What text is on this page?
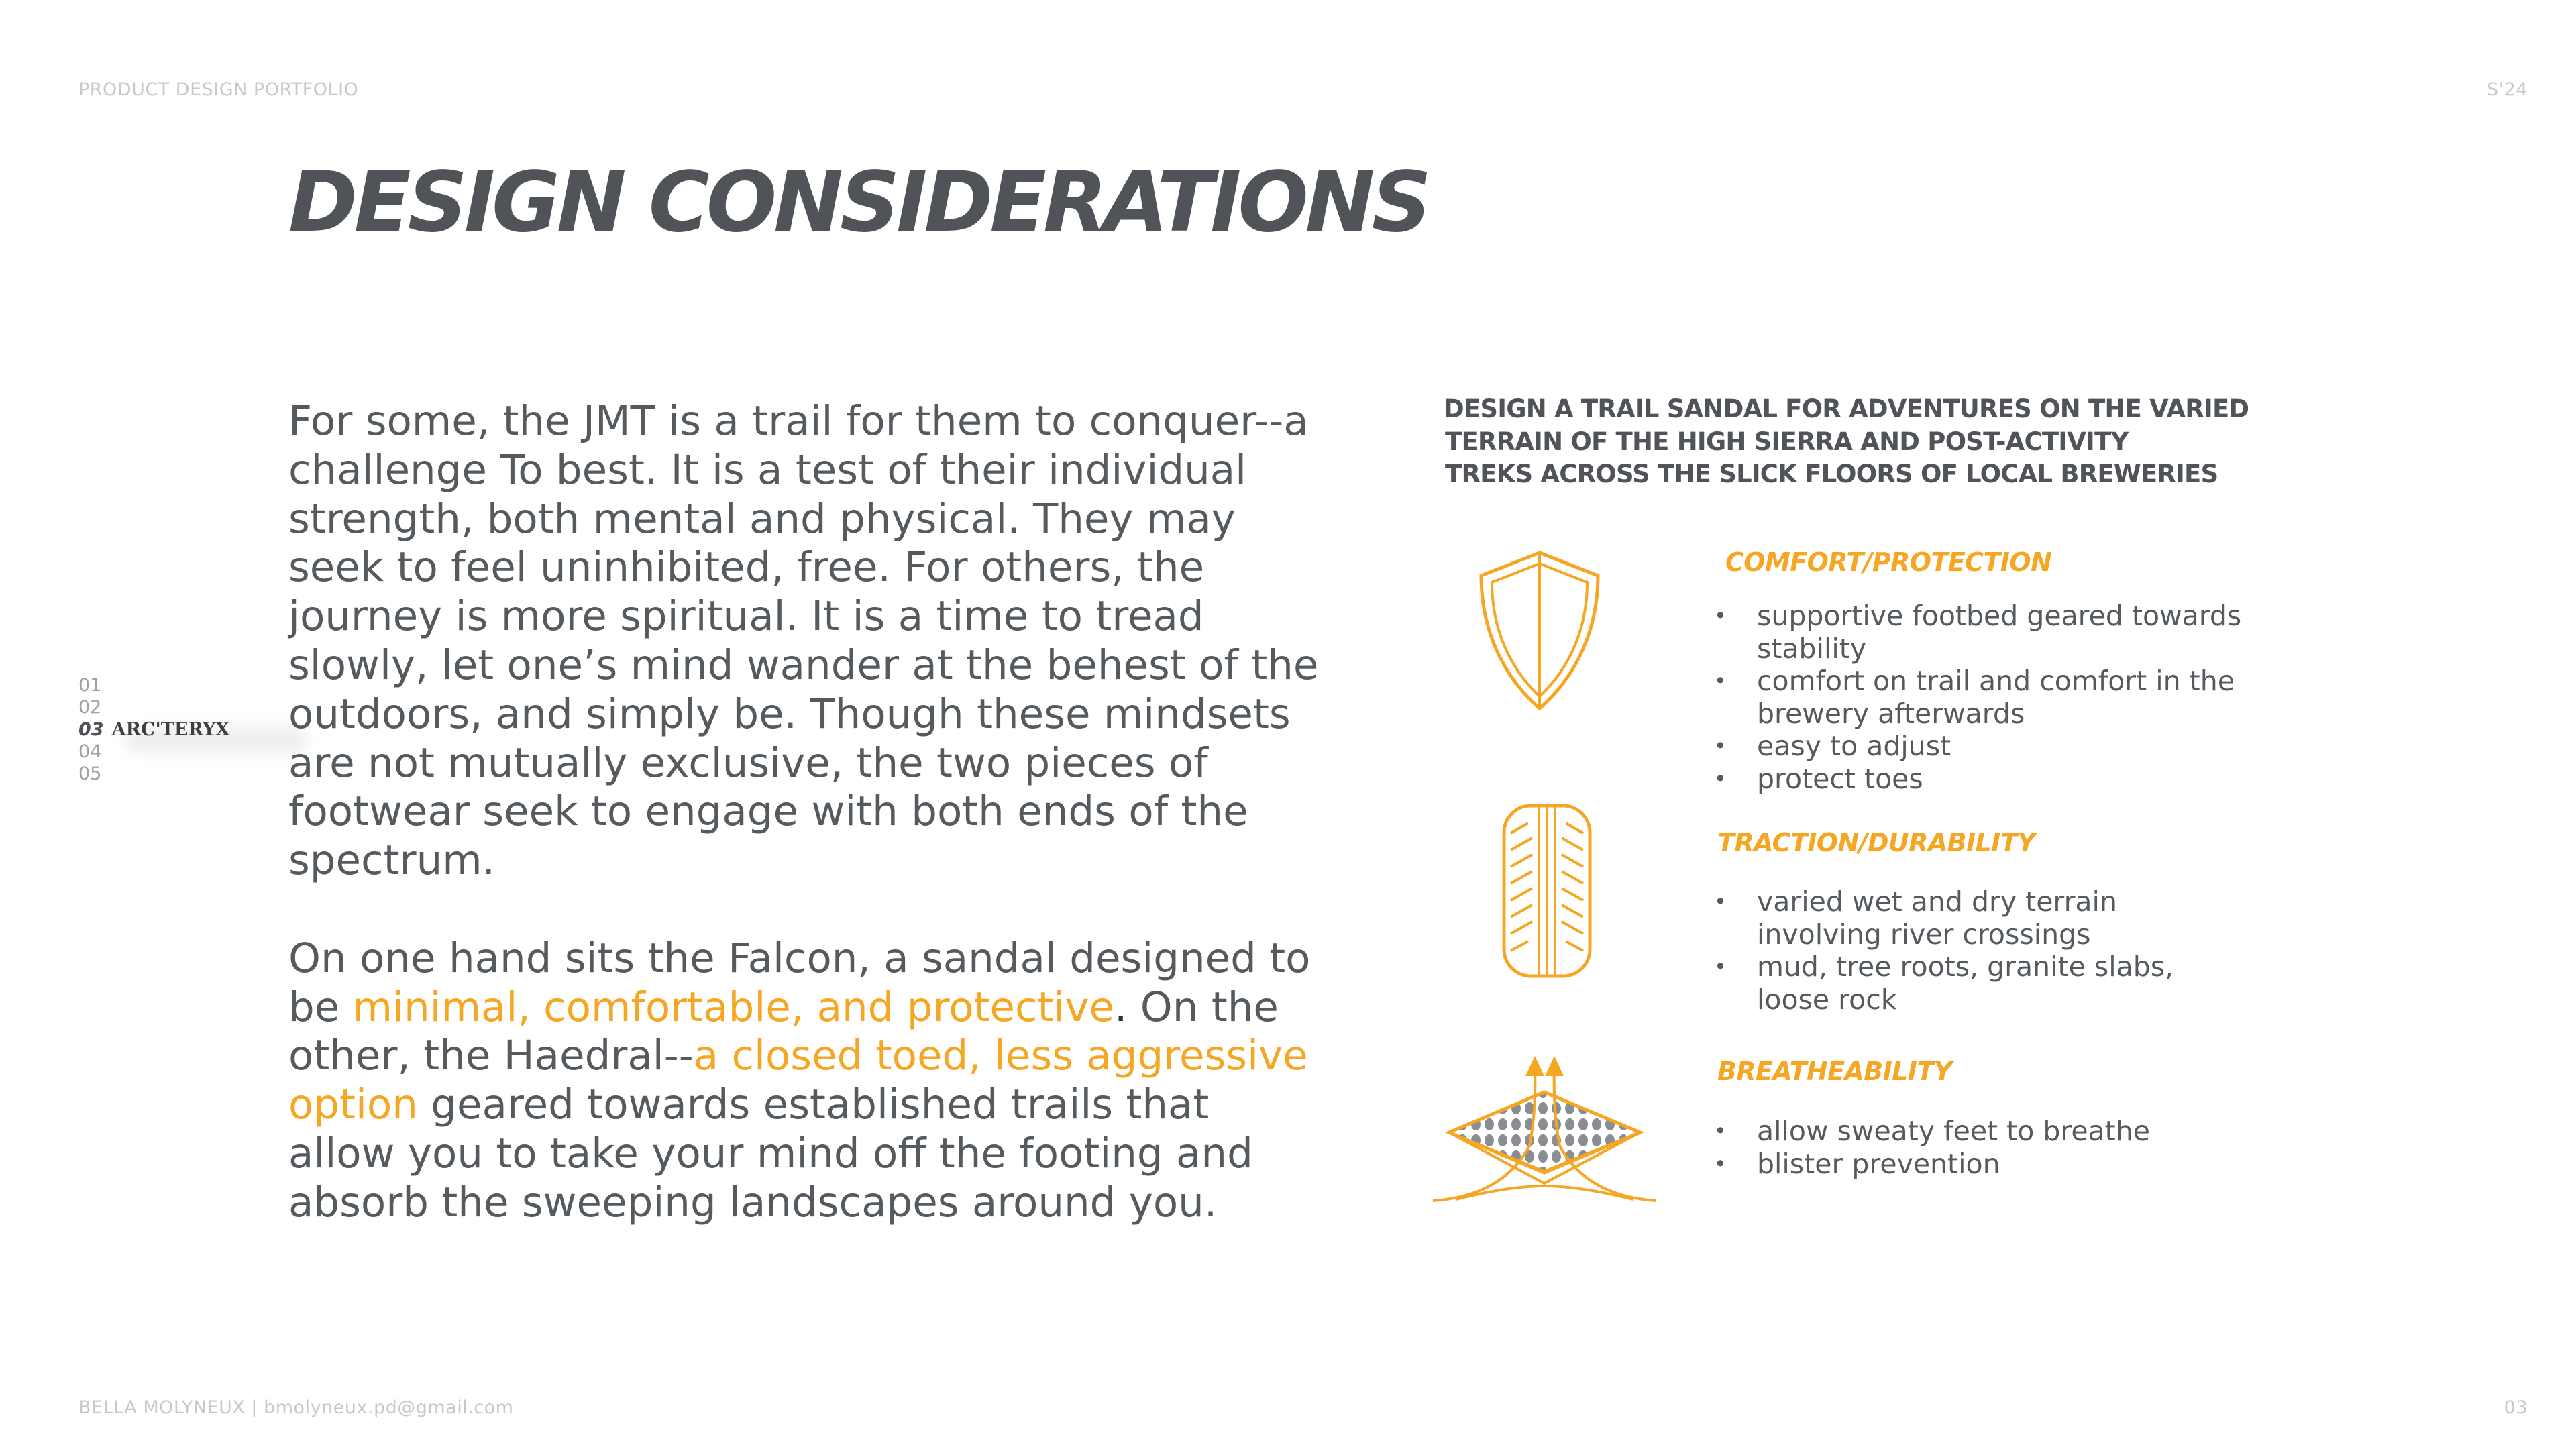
PRODUCT DESIGN PORTFOLIO	S'24
BELLA MOLYNEUX | bmolyneux.pd@gmail.com	03
DESIGN CONSIDERATIONS
01
02
03 ARC'TERYX
04
05

For some, the JMT is a trail for them to conquer--a challenge To best. It is a test of their individual strength, both mental and physical. They may seek to feel uninhibited, free. For others, the journey is more spiritual. It is a time to tread slowly, let one’s mind wander at the behest of the outdoors, and simply be. Though these mindsets are not mutually exclusive, the two pieces of footwear seek to engage with both ends of the spectrum.

On one hand sits the Falcon, a sandal designed to be minimal, comfortable, and protective. On the other, the Haedral--a closed toed, less aggressive option geared towards established trails that allow you to take your mind off the footing and absorb the sweeping landscapes around you.

DESIGN A TRAIL SANDAL FOR ADVENTURES ON THE VARIED
TERRAIN OF THE HIGH SIERRA AND POST-ACTIVITY
TREKS ACROSS THE SLICK FLOORS OF LOCAL BREWERIES
COMFORT/PROTECTION
• supportive footbed geared towards stability
• comfort on trail and comfort in the brewery afterwards
• easy to adjust
• protect toes
TRACTION/DURABILITY
• varied wet and dry terrain involving river crossings
• mud, tree roots, granite slabs, loose rock
BREATHEABILITY
• allow sweaty feet to breathe
• blister prevention
